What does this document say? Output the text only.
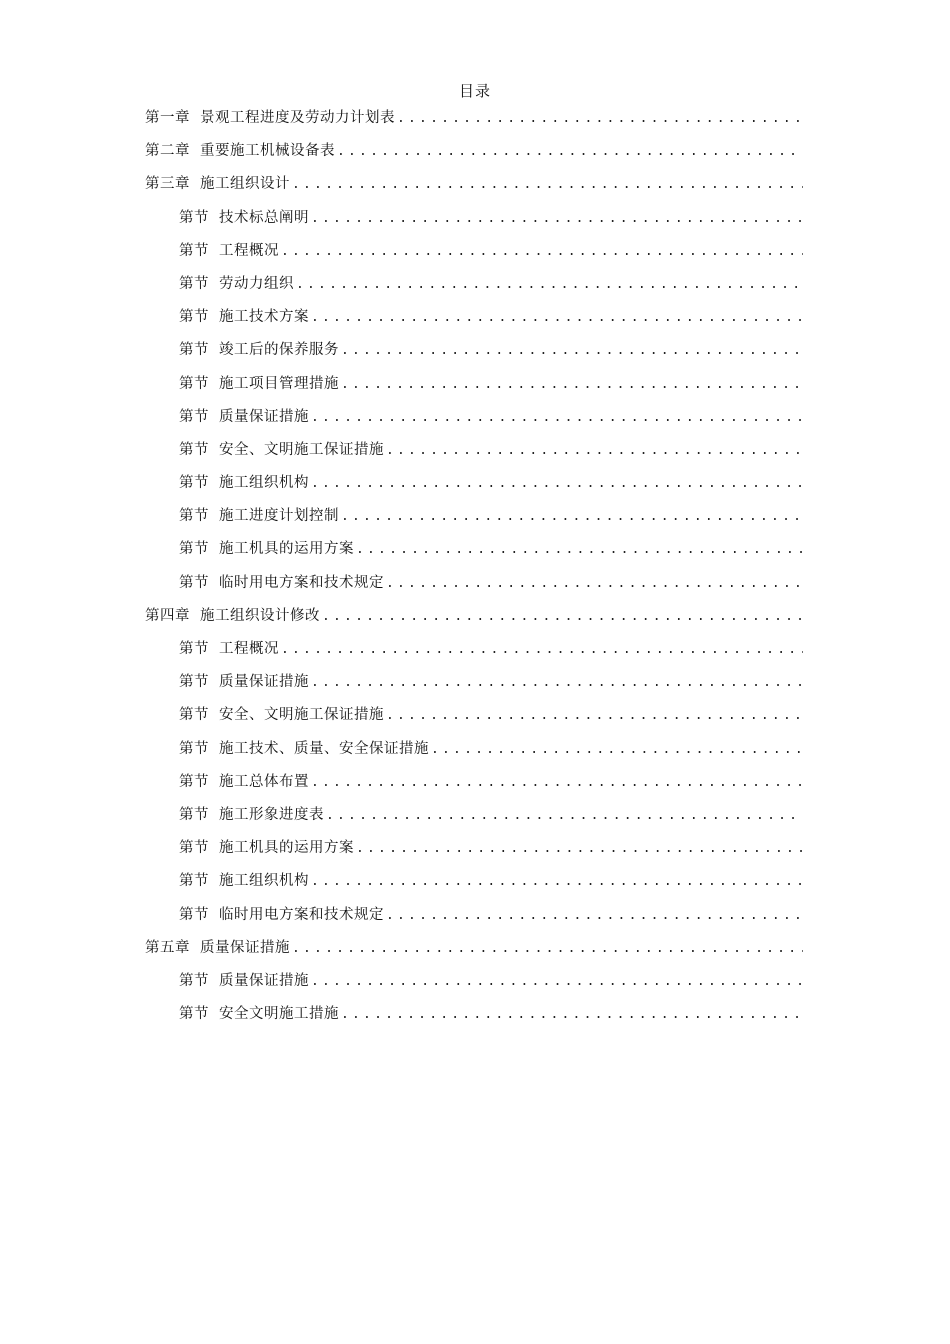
目录
第一章 景观工程进度及劳动力计划表
.....
第二章 重要施工机械设备表
.....
第三章 施工组织设计
.....
第节 技术标总阐明
.....
第节 工程概况
.....
第节 劳动力组织
.....
第节 施工技术方案
.....
第节 竣工后的保养服务
.....
第节 施工项目管理措施
.....
第节 质量保证措施
.....
第节 安全、文明施工保证措施
.....
第节 施工组织机构
.....
第节 施工进度计划控制
.....
第节 施工机具的运用方案
.....
第节 临时用电方案和技术规定
.....
第四章 施工组织设计修改
.....
第节 工程概况
.....
第节 质量保证措施
.....
第节 安全、文明施工保证措施
.....
第节 施工技术、质量、安全保证措施
.....
第节 施工总体布置
.....
第节 施工形象进度表
.....
第节 施工机具的运用方案
.....
第节 施工组织机构
.....
第节 临时用电方案和技术规定
.....
第五章 质量保证措施
.....
第节 质量保证措施
.....
第节 安全文明施工措施
.....
